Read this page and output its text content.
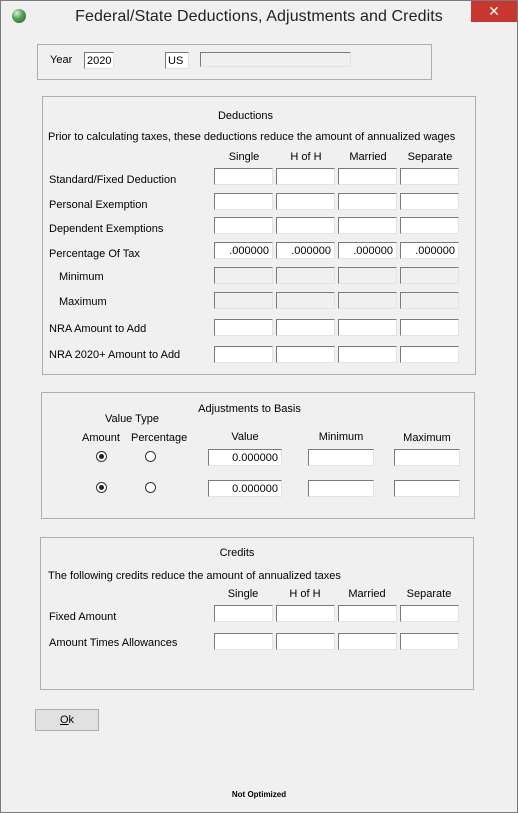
Federal/State Deductions, Adjustments and Credits	✕
Year 2020	US
Deductions
Prior to calculating taxes, these deductions reduce the amount of annualized wages
Single	H of H	Married	Separate
Standard/Fixed Deduction
Personal Exemption
Dependent Exemptions
Percentage Of Tax	.000000	.000000	.000000	.000000
Minimum
Maximum
NRA Amount to Add
NRA 2020+ Amount to Add
Adjustments to Basis
Value Type
Amount Percentage	Value	Minimum	Maximum
0.000000
0.000000
Credits
The following credits reduce the amount of annualized taxes
Single	H of H	Married	Separate
Fixed Amount
Amount Times Allowances
Ok
Not Optimized
